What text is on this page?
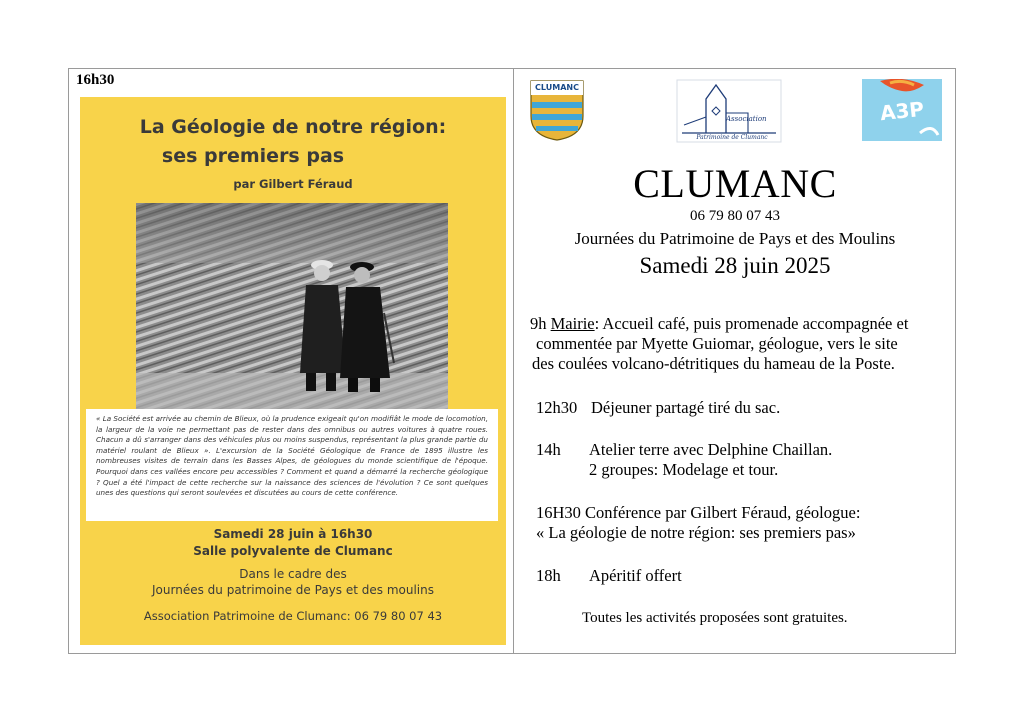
16h30
La Géologie de notre région:
ses premiers pas
par Gilbert Féraud
« La Société est arrivée au chemin de Blieux, où la prudence exigeait qu'on modifiât le mode de locomotion, la largeur de la voie ne permettant pas de rester dans des omnibus ou autres voitures à quatre roues. Chacun a dû s'arranger dans des véhicules plus ou moins suspendus, représentant la plus grande partie du matériel roulant de Blieux ». L'excursion de la Société Géologique de France de 1895 illustre les nombreuses visites de terrain dans les Basses Alpes, de géologues du monde scientifique de l'époque. Pourquoi dans ces vallées encore peu accessibles ? Comment et quand a démarré la recherche géologique ? Quel a été l'impact de cette recherche sur la naissance des sciences de l'évolution ? Ce sont quelques unes des questions qui seront soulevées et discutées au cours de cette conférence.
Samedi 28 juin à 16h30
Salle polyvalente de Clumanc
Dans le cadre des
Journées du patrimoine de Pays et des moulins
Association Patrimoine de Clumanc: 06 79 80 07 43
CLUMANC
Association
Patrimoine de Clumanc
A3P
CLUMANC
06 79 80 07 43
Journées du Patrimoine de Pays et des Moulins
Samedi 28 juin 2025
9h Mairie: Accueil café, puis promenade accompagnée et
commentée par Myette Guiomar, géologue, vers le site
des coulées volcano-détritiques du hameau de la Poste.
12h30 Déjeuner partagé tiré du sac.
14h Atelier terre avec Delphine Chaillan.
2 groupes: Modelage et tour.
16H30 Conférence par Gilbert Féraud, géologue:
« La géologie de notre région: ses premiers pas»
18h Apéritif offert
Toutes les activités proposées sont gratuites.
